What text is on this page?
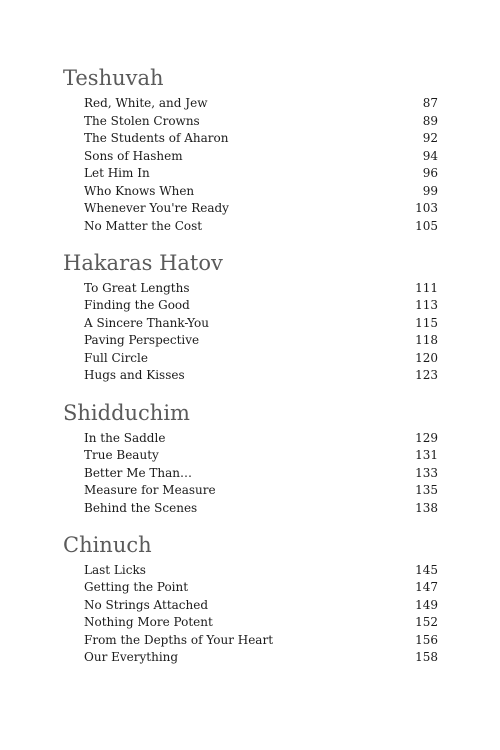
Teshuvah
Red, White, and Jew	87
The Stolen Crowns	89
The Students of Aharon	92
Sons of Hashem	94
Let Him In	96
Who Knows When	99
Whenever You're Ready	103
No Matter the Cost	105
Hakaras Hatov
To Great Lengths	111
Finding the Good	113
A Sincere Thank-You	115
Paving Perspective	118
Full Circle	120
Hugs and Kisses	123
Shidduchim
In the Saddle	129
True Beauty	131
Better Me Than…	133
Measure for Measure	135
Behind the Scenes	138
Chinuch
Last Licks	145
Getting the Point	147
No Strings Attached	149
Nothing More Potent	152
From the Depths of Your Heart	156
Our Everything	158
